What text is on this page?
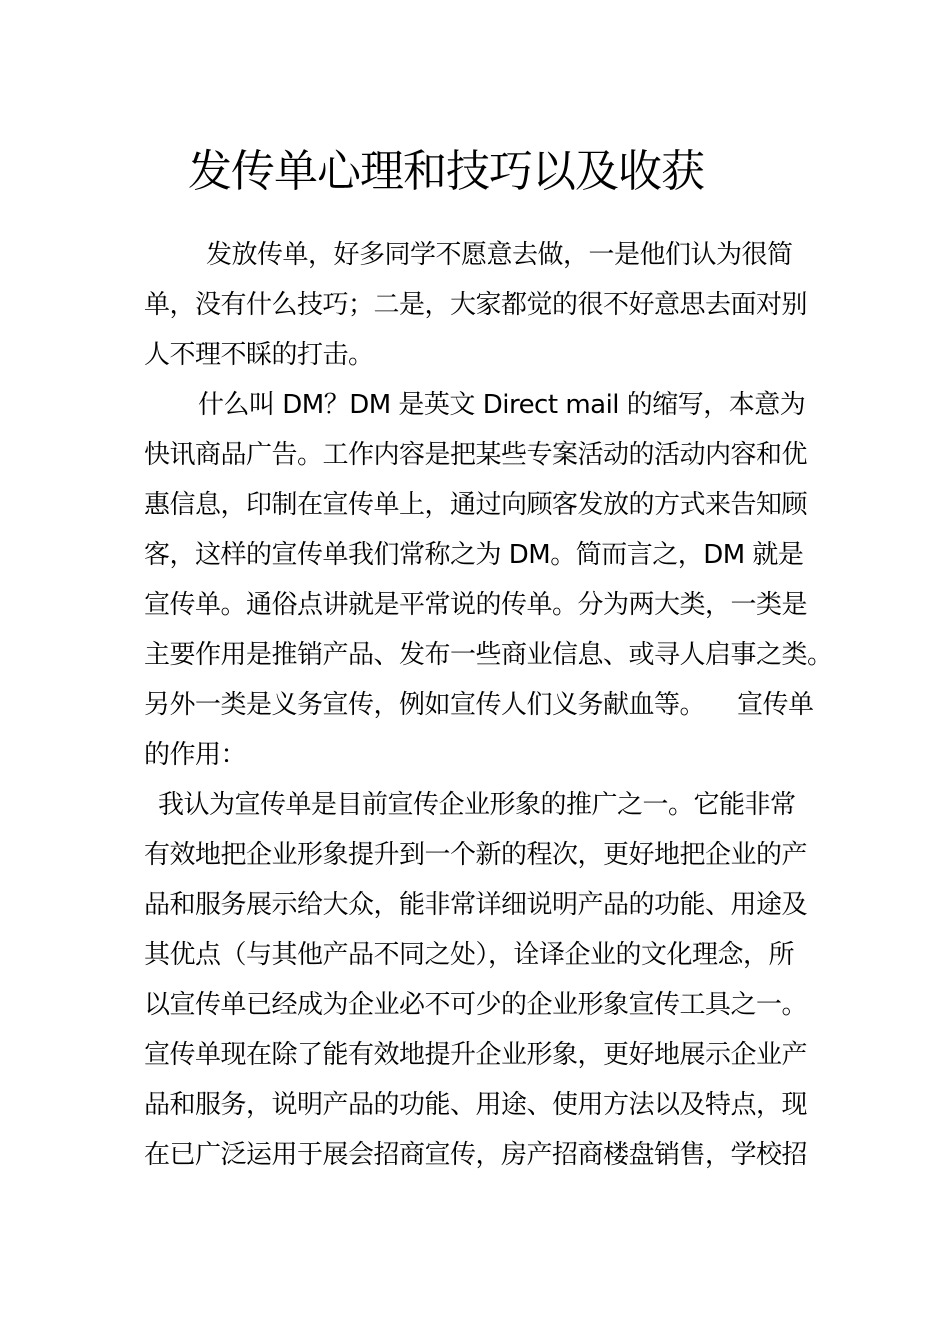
发传单心理和技巧以及收获
发放传单，好多同学不愿意去做，一是他们认为很简
单，没有什么技巧；二是，大家都觉的很不好意思去面对别
人不理不睬的打击。
什么叫 DM？DM 是英文 Direct mail 的缩写，本意为
快讯商品广告。工作内容是把某些专案活动的活动内容和优
惠信息，印制在宣传单上，通过向顾客发放的方式来告知顾
客，这样的宣传单我们常称之为 DM。简而言之，DM 就是
宣传单。通俗点讲就是平常说的传单。分为两大类，一类是
主要作用是推销产品、发布一些商业信息、或寻人启事之类。
另外一类是义务宣传，例如宣传人们义务献血等。 宣传单
的作用：
我认为宣传单是目前宣传企业形象的推广之一。它能非常
有效地把企业形象提升到一个新的程次，更好地把企业的产
品和服务展示给大众，能非常详细说明产品的功能、用途及
其优点（与其他产品不同之处），诠译企业的文化理念，所
以宣传单已经成为企业必不可少的企业形象宣传工具之一。
宣传单现在除了能有效地提升企业形象，更好地展示企业产
品和服务，说明产品的功能、用途、使用方法以及特点，现
在已广泛运用于展会招商宣传，房产招商楼盘销售，学校招
